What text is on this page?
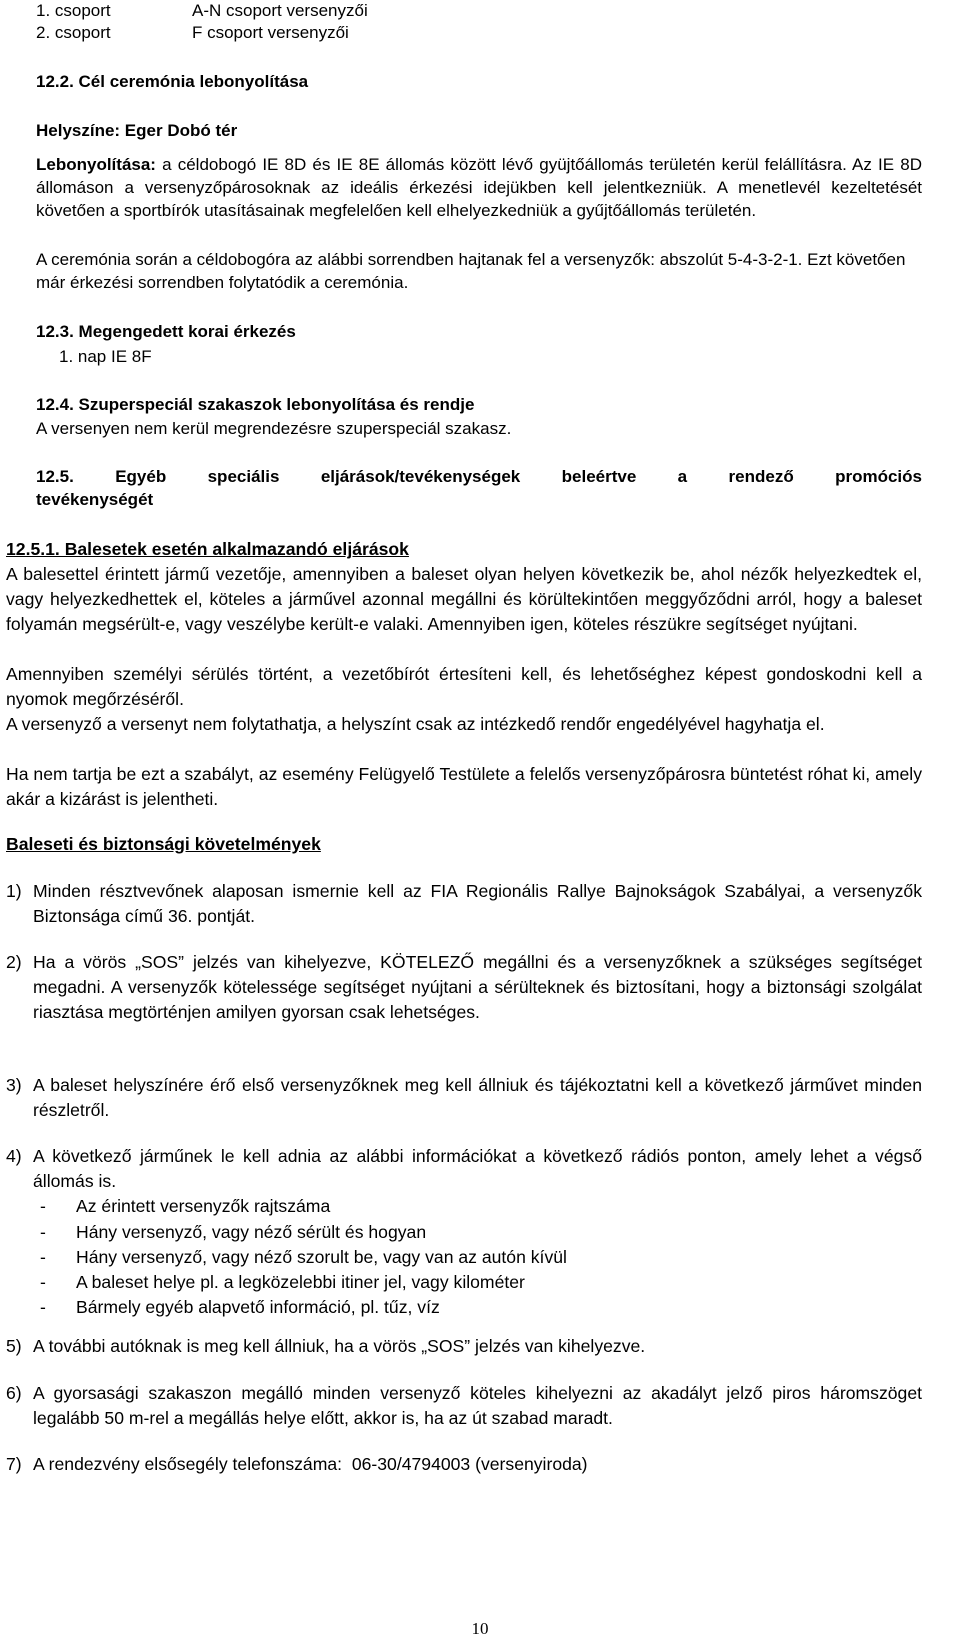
1. csoport	A-N csoport versenyzői
2. csoport	F csoport versenyzői
12.2. Cél ceremónia lebonyolítása
Helyszíne: Eger Dobó tér
Lebonyolítása: a céldobogó IE 8D és IE 8E állomás között lévő gyüjtőállomás területén kerül felállításra. Az IE 8D állomáson a versenyzőpárosoknak az ideális érkezési idejükben kell jelentkezniük. A menetlevél kezeltetését követően a sportbírók utasításainak megfelelően kell elhelyezkedniük a gyűjtőállomás területén.
A ceremónia során a céldobogóra az alábbi sorrendben hajtanak fel a versenyzők: abszolút 5-4-3-2-1. Ezt követően már érkezési sorrendben folytatódik a ceremónia.
12.3. Megengedett korai érkezés
1. nap IE 8F
12.4. Szuperspeciál szakaszok lebonyolítása és rendje
A versenyen nem kerül megrendezésre szuperspeciál szakasz.
12.5. Egyéb speciális eljárások/tevékenységek beleértve a rendező promóciós tevékenységét
12.5.1. Balesetek esetén alkalmazandó eljárások
A balesettel érintett jármű vezetője, amennyiben a baleset olyan helyen következik be, ahol nézők helyezkedtek el, vagy helyezkedhettek el, köteles a járművel azonnal megállni és körültekintően meggyőződni arról, hogy a baleset folyamán megsérült-e, vagy veszélybe került-e valaki. Amennyiben igen, köteles részükre segítséget nyújtani.
Amennyiben személyi sérülés történt, a vezetőbírót értesíteni kell, és lehetőséghez képest gondoskodni kell a nyomok megőrzéséről.
A versenyző a versenyt nem folytathatja, a helyszínt csak az intézkedő rendőr engedélyével hagyhatja el.
Ha nem tartja be ezt a szabályt, az esemény Felügyelő Testülete a felelős versenyzőpárosra büntetést róhat ki, amely akár a kizárást is jelentheti.
Baleseti és biztonsági követelmények
1) Minden résztvevőnek alaposan ismernie kell az FIA Regionális Rallye Bajnokságok Szabályai, a versenyzők Biztonsága című 36. pontját.
2) Ha a vörös „SOS” jelzés van kihelyezve, KÖTELEZŐ megállni és a versenyzőknek a szükséges segítséget megadni. A versenyzők kötelessége segítséget nyújtani a sérülteknek és biztosítani, hogy a biztonsági szolgálat riasztása megtörténjen amilyen gyorsan csak lehetséges.
3) A baleset helyszínére érő első versenyzőknek meg kell állniuk és tájékoztatni kell a következő járművet minden részletről.
4) A következő járműnek le kell adnia az alábbi információkat a következő rádiós ponton, amely lehet a végső állomás is.
- Az érintett versenyzők rajtszáma
- Hány versenyző, vagy néző sérült és hogyan
- Hány versenyző, vagy néző szorult be, vagy van az autón kívül
- A baleset helye pl. a legközelebbi itiner jel, vagy kilométer
- Bármely egyéb alapvető információ, pl. tűz, víz
5) A további autóknak is meg kell állniuk, ha a vörös „SOS” jelzés van kihelyezve.
6) A gyorsasági szakaszon megálló minden versenyző köteles kihelyezni az akadályt jelző piros háromszöget legalább 50 m-rel a megállás helye előtt, akkor is, ha az út szabad maradt.
7) A rendezvény elsősegély telefonszáma:  06-30/4794003 (versenyiroda)
10
